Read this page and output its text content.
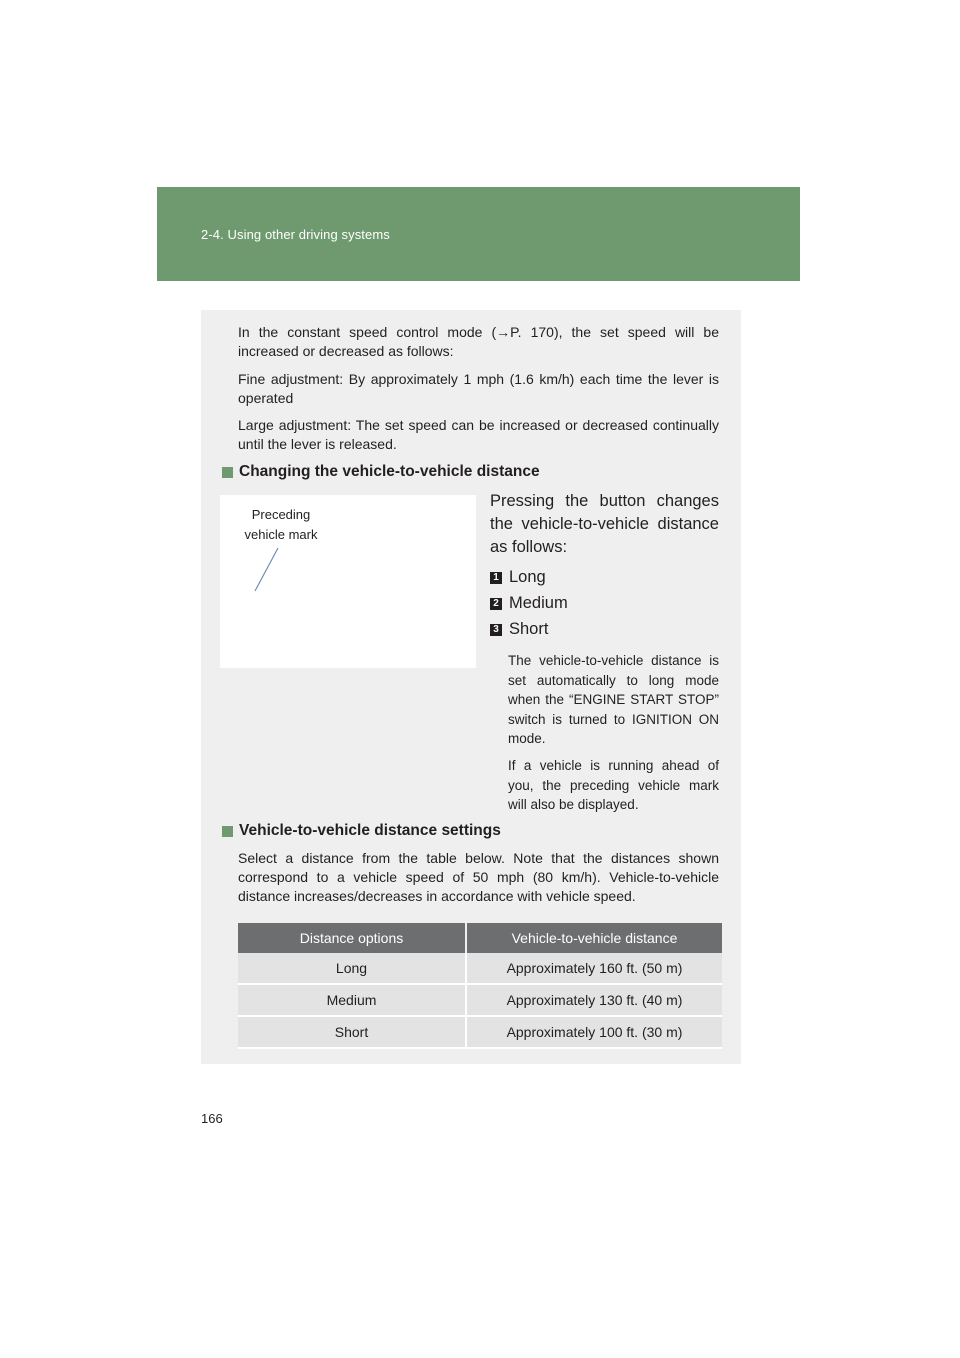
2-4. Using other driving systems
In the constant speed control mode (→P. 170), the set speed will be increased or decreased as follows:
Fine adjustment: By approximately 1 mph (1.6 km/h) each time the lever is operated
Large adjustment: The set speed can be increased or decreased continually until the lever is released.
Changing the vehicle-to-vehicle distance
Preceding vehicle mark
Pressing the button changes the vehicle-to-vehicle distance as follows:
1 Long
2 Medium
3 Short
The vehicle-to-vehicle distance is set automatically to long mode when the “ENGINE START STOP” switch is turned to IGNITION ON mode.
If a vehicle is running ahead of you, the preceding vehicle mark will also be displayed.
Vehicle-to-vehicle distance settings
Select a distance from the table below. Note that the distances shown correspond to a vehicle speed of 50 mph (80 km/h). Vehicle-to-vehicle distance increases/decreases in accordance with vehicle speed.
Distance options	Vehicle-to-vehicle distance
Long	Approximately 160 ft. (50 m)
Medium	Approximately 130 ft. (40 m)
Short	Approximately 100 ft. (30 m)
166
